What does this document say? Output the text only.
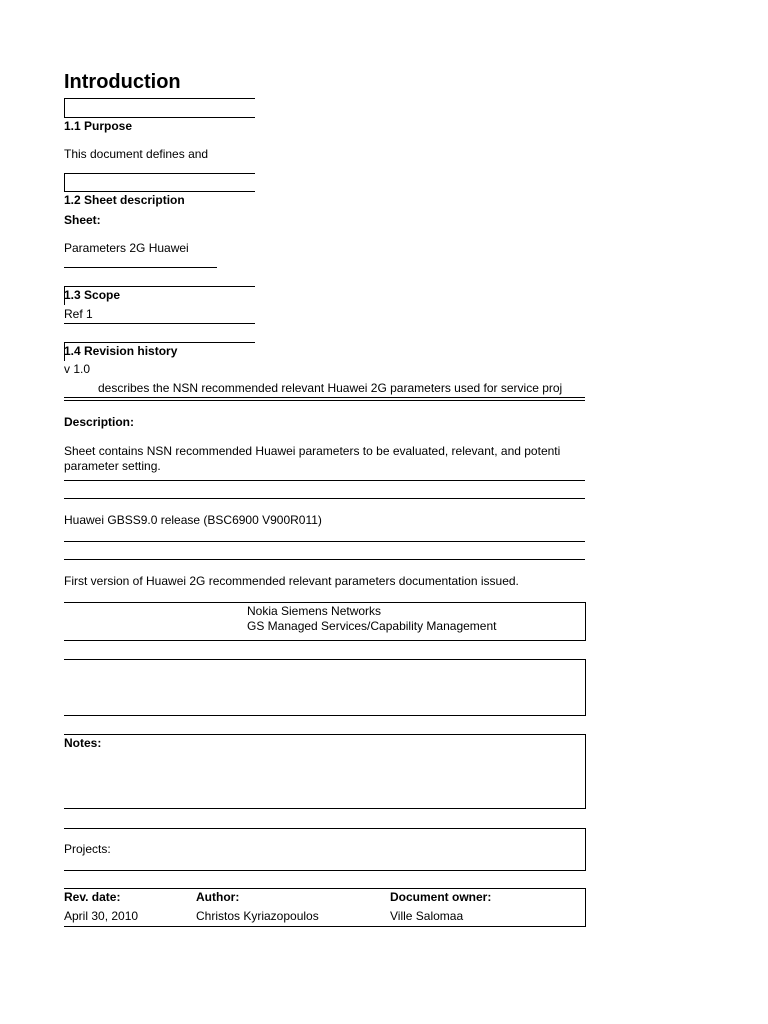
Introduction
1.1 Purpose
This document defines and
1.2 Sheet description
Sheet:
Parameters 2G Huawei
1.3 Scope
Ref 1
1.4 Revision history
v 1.0
describes the NSN recommended relevant Huawei 2G parameters used for service proj
Description:
Sheet contains NSN recommended Huawei parameters to be evaluated, relevant, and potenti
parameter setting.
Huawei GBSS9.0 release (BSC6900 V900R011)
First version of Huawei 2G recommended relevant parameters documentation issued.
Nokia Siemens Networks
GS Managed Services/Capability Management
Notes:
Projects:
Rev. date:
April 30, 2010
Author:
Christos Kyriazopoulos
Document owner:
Ville Salomaa
